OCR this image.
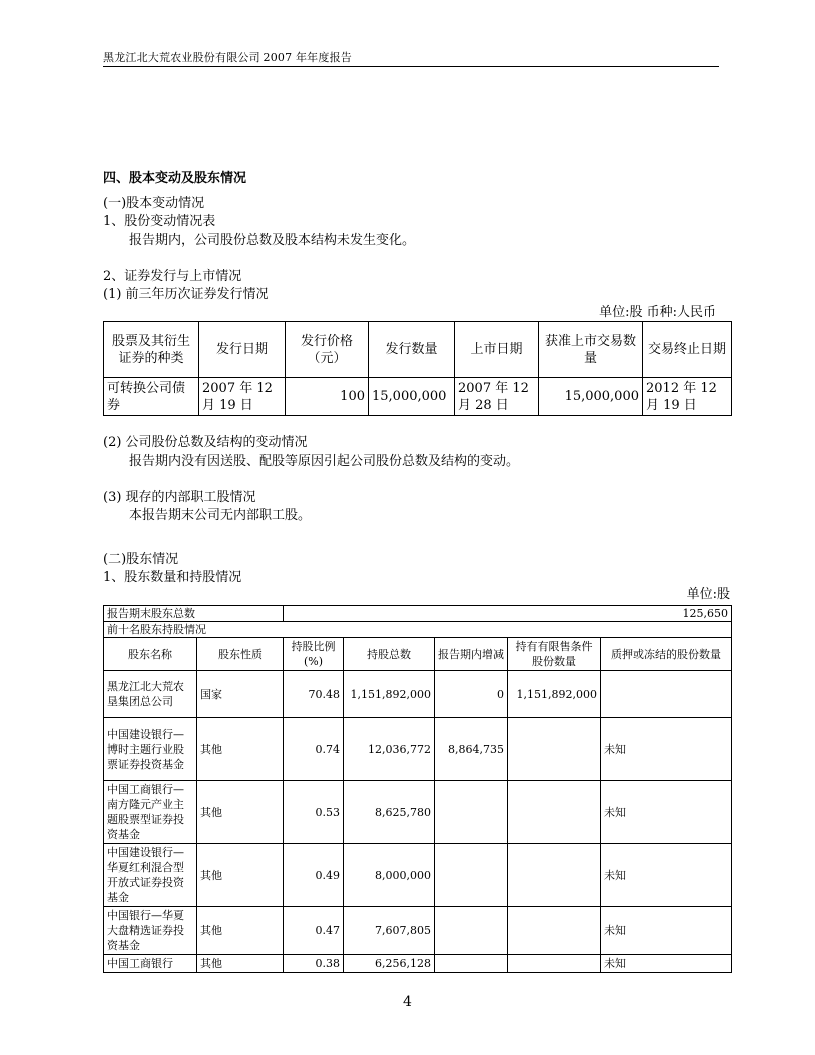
黑龙江北大荒农业股份有限公司 2007 年年度报告
四、股本变动及股东情况
(一)股本变动情况
1、股份变动情况表
报告期内，公司股份总数及股本结构未发生变化。
2、证券发行与上市情况
(1) 前三年历次证券发行情况
单位:股 币种:人民币
股票及其衍生证券的种类	发行日期	发行价格（元）	发行数量	上市日期	获准上市交易数量	交易终止日期
可转换公司债券	2007 年 12 月 19 日	100	15,000,000	2007 年 12 月 28 日	15,000,000	2012 年 12 月 19 日
(2) 公司股份总数及结构的变动情况
报告期内没有因送股、配股等原因引起公司股份总数及结构的变动。
(3) 现存的内部职工股情况
本报告期末公司无内部职工股。
(二)股东情况
1、股东数量和持股情况
单位:股
报告期末股东总数		125,650				
前十名股东持股情况						
股东名称	股东性质	持股比例(%)	持股总数	报告期内增减	持有有限售条件股份数量	质押或冻结的股份数量
黑龙江北大荒农垦集团总公司	国家	70.48	1,151,892,000	0	1,151,892,000	
中国建设银行—博时主题行业股票证券投资基金	其他	0.74	12,036,772	8,864,735		未知
中国工商银行—南方隆元产业主题股票型证券投资基金	其他	0.53	8,625,780			未知
中国建设银行—华夏红利混合型开放式证券投资基金	其他	0.49	8,000,000			未知
中国银行—华夏大盘精选证券投资基金	其他	0.47	7,607,805			未知
中国工商银行	其他	0.38	6,256,128			未知
4
